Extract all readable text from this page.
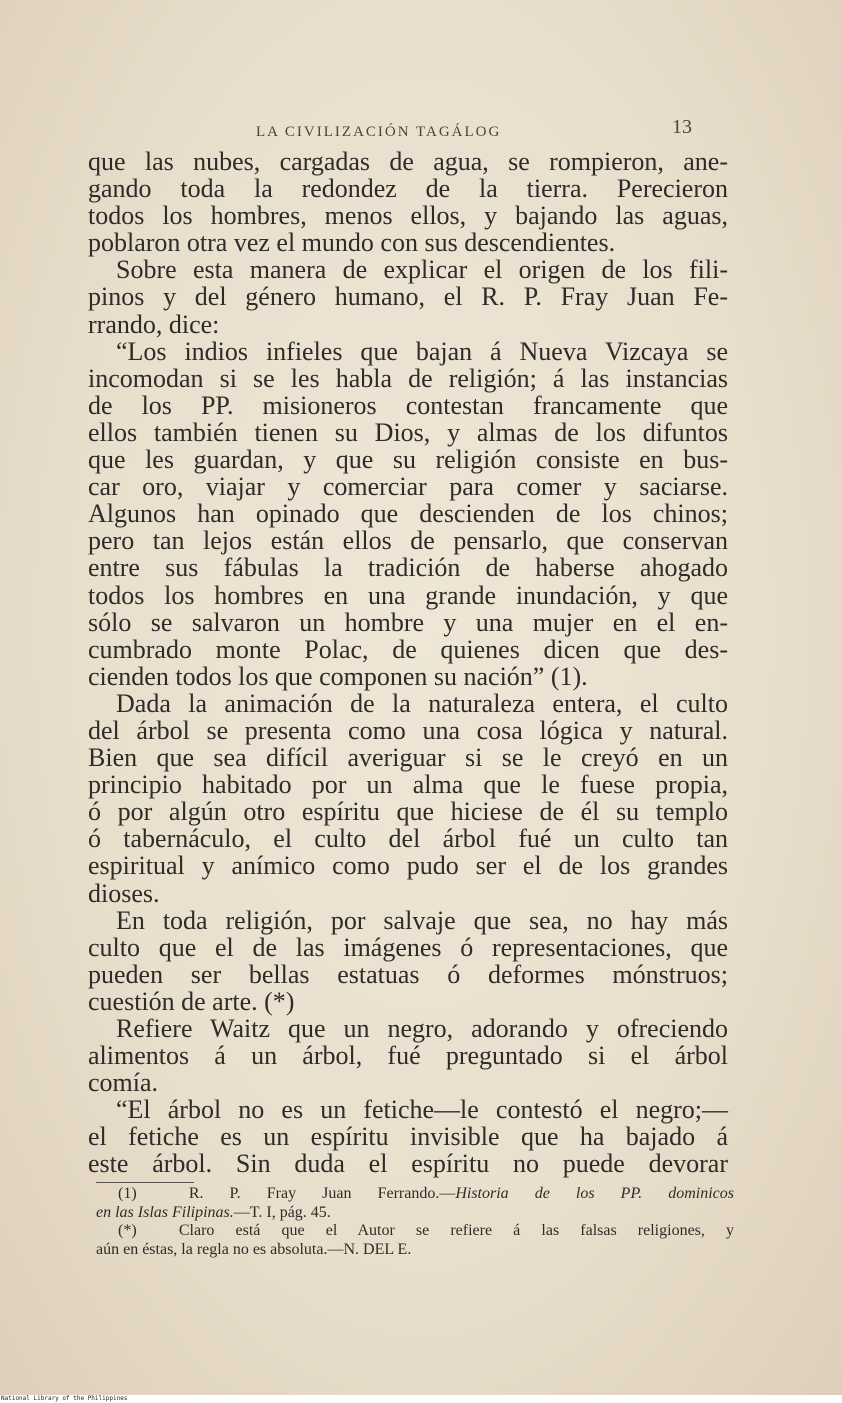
LA CIVILIZACIÓN TAGÁLOG	13
que las nubes, cargadas de agua, se rompieron, ane-
gando toda la redondez de la tierra. Perecieron
todos los hombres, menos ellos, y bajando las aguas,
poblaron otra vez el mundo con sus descendientes.
Sobre esta manera de explicar el origen de los fili-
pinos y del género humano, el R. P. Fray Juan Fe-
rrando, dice:
“Los indios infieles que bajan á Nueva Vizcaya se
incomodan si se les habla de religión; á las instancias
de los PP. misioneros contestan francamente que
ellos también tienen su Dios, y almas de los difuntos
que les guardan, y que su religión consiste en bus-
car oro, viajar y comerciar para comer y saciarse.
Algunos han opinado que descienden de los chinos;
pero tan lejos están ellos de pensarlo, que conservan
entre sus fábulas la tradición de haberse ahogado
todos los hombres en una grande inundación, y que
sólo se salvaron un hombre y una mujer en el en-
cumbrado monte Polac, de quienes dicen que des-
cienden todos los que componen su nación” (1).
Dada la animación de la naturaleza entera, el culto
del árbol se presenta como una cosa lógica y natural.
Bien que sea difícil averiguar si se le creyó en un
principio habitado por un alma que le fuese propia,
ó por algún otro espíritu que hiciese de él su templo
ó tabernáculo, el culto del árbol fué un culto tan
espiritual y anímico como pudo ser el de los grandes
dioses.
En toda religión, por salvaje que sea, no hay más
culto que el de las imágenes ó representaciones, que
pueden ser bellas estatuas ó deformes mónstruos;
cuestión de arte. (*)
Refiere Waitz que un negro, adorando y ofreciendo
alimentos á un árbol, fué preguntado si el árbol
comía.
“El árbol no es un fetiche—le contestó el negro;—
el fetiche es un espíritu invisible que ha bajado á
este árbol. Sin duda el espíritu no puede devorar
(1)	R. P. Fray Juan Ferrando.—Historia de los PP. dominicos
en las Islas Filipinas.—T. I, pág. 45.
(*)	Claro está que el Autor se refiere á las falsas religiones, y
aún en éstas, la regla no es absoluta.—N. DEL E.
National Library of the Philippines
